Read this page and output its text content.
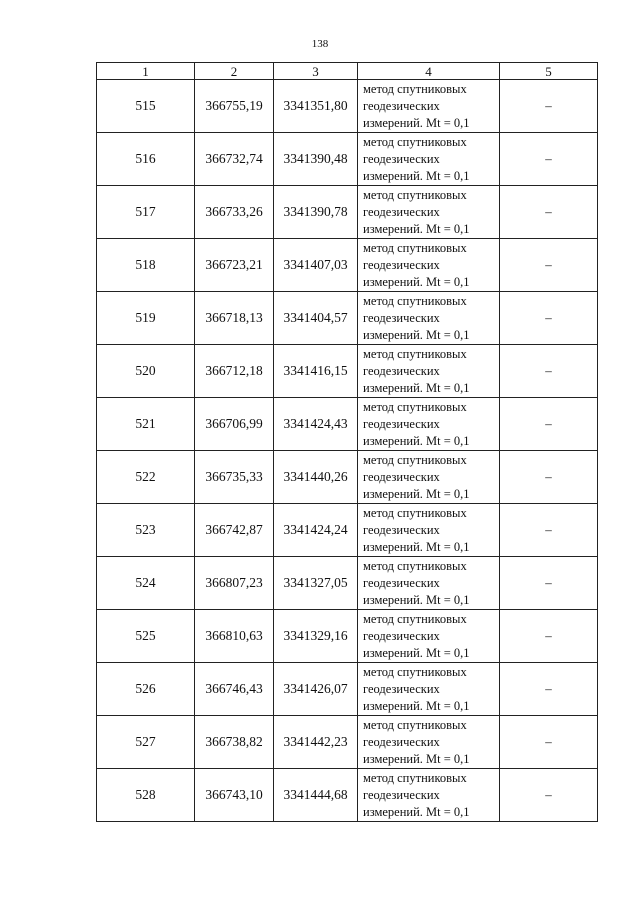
138
1	2	3	4	5
515	366755,19	3341351,80	метод спутниковых
геодезических
измерений. Mt = 0,1	–
516	366732,74	3341390,48	метод спутниковых
геодезических
измерений. Mt = 0,1	–
517	366733,26	3341390,78	метод спутниковых
геодезических
измерений. Mt = 0,1	–
518	366723,21	3341407,03	метод спутниковых
геодезических
измерений. Mt = 0,1	–
519	366718,13	3341404,57	метод спутниковых
геодезических
измерений. Mt = 0,1	–
520	366712,18	3341416,15	метод спутниковых
геодезических
измерений. Mt = 0,1	–
521	366706,99	3341424,43	метод спутниковых
геодезических
измерений. Mt = 0,1	–
522	366735,33	3341440,26	метод спутниковых
геодезических
измерений. Mt = 0,1	–
523	366742,87	3341424,24	метод спутниковых
геодезических
измерений. Mt = 0,1	–
524	366807,23	3341327,05	метод спутниковых
геодезических
измерений. Mt = 0,1	–
525	366810,63	3341329,16	метод спутниковых
геодезических
измерений. Mt = 0,1	–
526	366746,43	3341426,07	метод спутниковых
геодезических
измерений. Mt = 0,1	–
527	366738,82	3341442,23	метод спутниковых
геодезических
измерений. Mt = 0,1	–
528	366743,10	3341444,68	метод спутниковых
геодезических
измерений. Mt = 0,1	–
